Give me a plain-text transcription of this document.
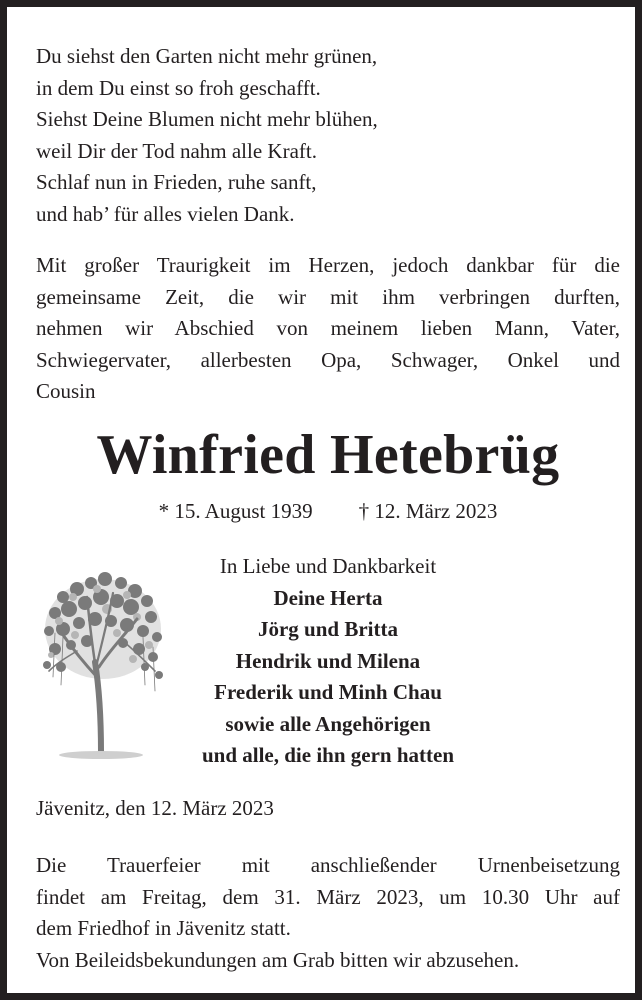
Du siehst den Garten nicht mehr grünen,
in dem Du einst so froh geschafft.
Siehst Deine Blumen nicht mehr blühen,
weil Dir der Tod nahm alle Kraft.
Schlaf nun in Frieden, ruhe sanft,
und hab’ für alles vielen Dank.
Mit großer Traurigkeit im Herzen, jedoch dankbar für die
gemeinsame Zeit, die wir mit ihm verbringen durften,
nehmen wir Abschied von meinem lieben Mann, Vater,
Schwiegervater, allerbesten Opa, Schwager, Onkel und
Cousin
Winfried Hetebrüg
* 15. August 1939 † 12. März 2023
In Liebe und Dankbarkeit
Deine Herta
Jörg und Britta
Hendrik und Milena
Frederik und Minh Chau
sowie alle Angehörigen
und alle, die ihn gern hatten
Jävenitz, den 12. März 2023
Die Trauerfeier mit anschließender Urnenbeisetzung
findet am Freitag, dem 31. März 2023, um 10.30 Uhr auf
dem Friedhof in Jävenitz statt.
Von Beileidsbekundungen am Grab bitten wir abzusehen.
